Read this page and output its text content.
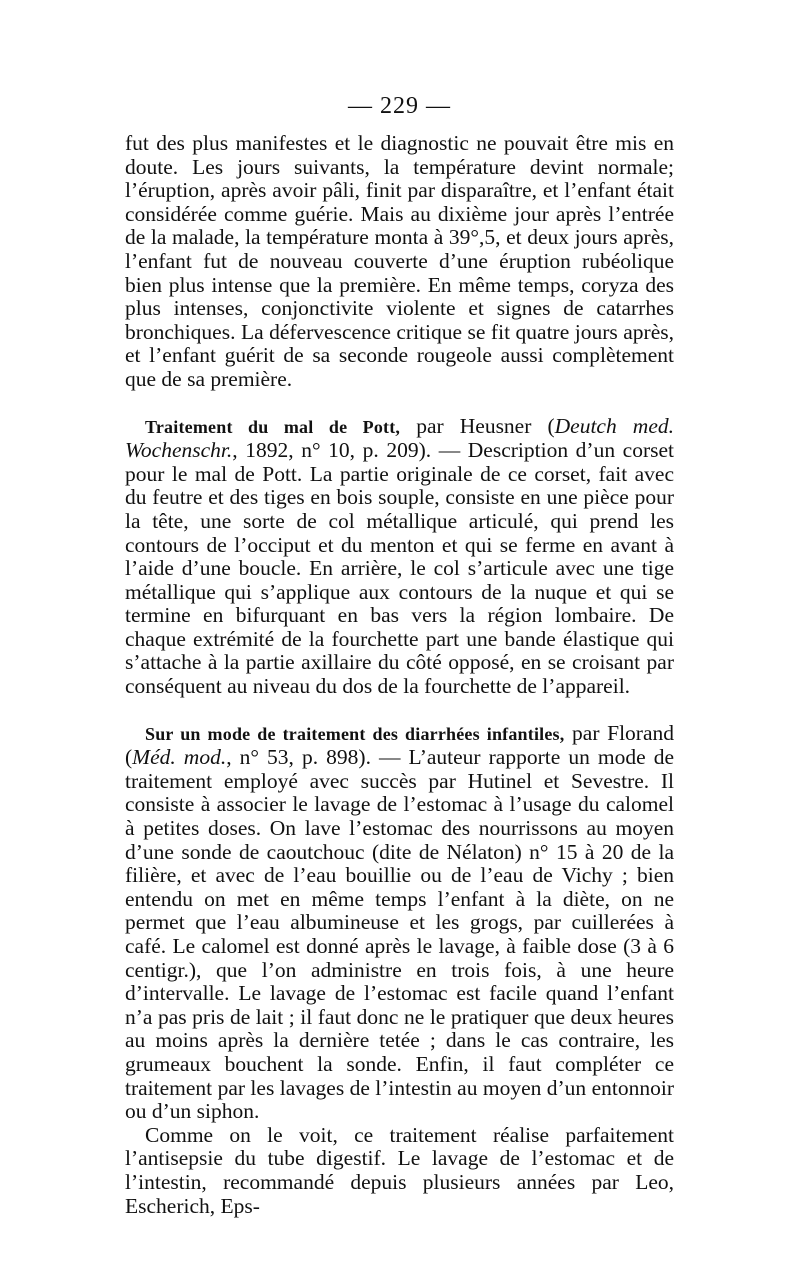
— 229 —

fut des plus manifestes et le diagnostic ne pouvait être mis en doute. Les jours suivants, la température devint normale; l’éruption, après avoir pâli, finit par disparaître, et l’enfant était considérée comme guérie. Mais au dixième jour après l’entrée de la malade, la température monta à 39°,5, et deux jours après, l’enfant fut de nouveau couverte d’une éruption rubéolique bien plus intense que la première. En même temps, coryza des plus intenses, conjonctivite violente et signes de catarrhes bronchiques. La défervescence critique se fit quatre jours après, et l’enfant guérit de sa seconde rougeole aussi complètement que de sa première.

Traitement du mal de Pott, par Heusner (Deutch med. Wochenschr., 1892, n° 10, p. 209). — Description d’un corset pour le mal de Pott. La partie originale de ce corset, fait avec du feutre et des tiges en bois souple, consiste en une pièce pour la tête, une sorte de col métallique articulé, qui prend les contours de l’occiput et du menton et qui se ferme en avant à l’aide d’une boucle. En arrière, le col s’articule avec une tige métallique qui s’applique aux contours de la nuque et qui se termine en bifurquant en bas vers la région lombaire. De chaque extrémité de la fourchette part une bande élastique qui s’attache à la partie axillaire du côté opposé, en se croisant par conséquent au niveau du dos de la fourchette de l’appareil.

Sur un mode de traitement des diarrhées infantiles, par Florand (Méd. mod., n° 53, p. 898). — L’auteur rapporte un mode de traitement employé avec succès par Hutinel et Sevestre. Il consiste à associer le lavage de l’estomac à l’usage du calomel à petites doses. On lave l’estomac des nourrissons au moyen d’une sonde de caoutchouc (dite de Nélaton) n° 15 à 20 de la filière, et avec de l’eau bouillie ou de l’eau de Vichy ; bien entendu on met en même temps l’enfant à la diète, on ne permet que l’eau albumineuse et les grogs, par cuillerées à café. Le calomel est donné après le lavage, à faible dose (3 à 6 centigr.), que l’on administre en trois fois, à une heure d’intervalle. Le lavage de l’estomac est facile quand l’enfant n’a pas pris de lait ; il faut donc ne le pratiquer que deux heures au moins après la dernière tetée ; dans le cas contraire, les grumeaux bouchent la sonde. Enfin, il faut compléter ce traitement par les lavages de l’intestin au moyen d’un entonnoir ou d’un siphon.

Comme on le voit, ce traitement réalise parfaitement l’antisepsie du tube digestif. Le lavage de l’estomac et de l’intestin, recommandé depuis plusieurs années par Leo, Escherich, Eps-
